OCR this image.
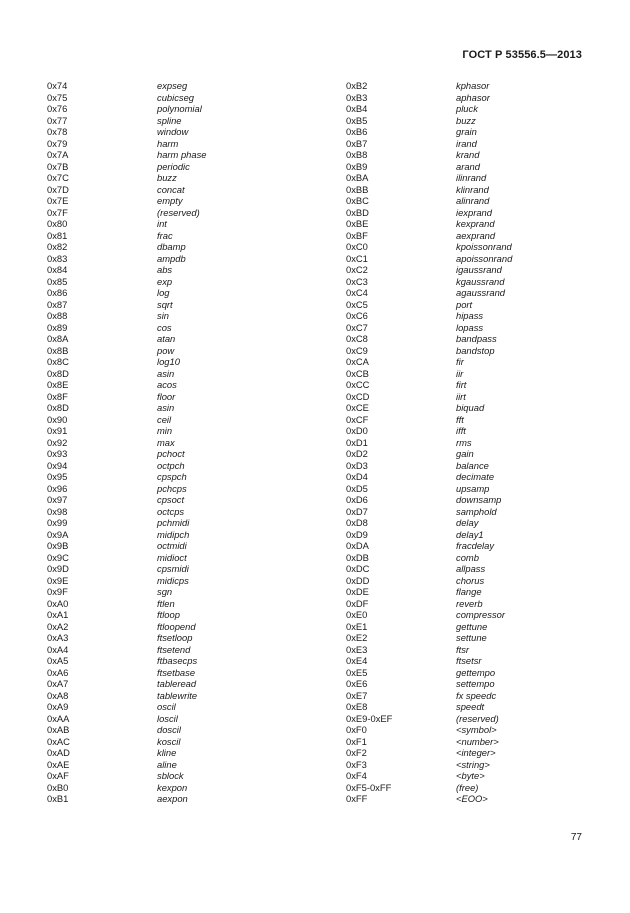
ГОСТ Р 53556.5—2013
0x74	expseg
0x75	cubicseg
0x76	polynomial
0x77	spline
0x78	window
0x79	harm
0x7A	harm phase
0x7B	periodic
0x7C	buzz
0x7D	concat
0x7E	empty
0x7F	(reserved)
0x80	int
0x81	frac
0x82	dbamp
0x83	ampdb
0x84	abs
0x85	exp
0x86	log
0x87	sqrt
0x88	sin
0x89	cos
0x8A	atan
0x8B	pow
0x8C	log10
0x8D	asin
0x8E	acos
0x8F	floor
0x8D	asin
0x90	ceil
0x91	min
0x92	max
0x93	pchoct
0x94	octpch
0x95	cpspch
0x96	pchcps
0x97	cpsoct
0x98	octcps
0x99	pchmidi
0x9A	midipch
0x9B	octmidi
0x9C	midioct
0x9D	cpsmidi
0x9E	midicps
0x9F	sgn
0xA0	ftlen
0xA1	ftloop
0xA2	ftloopend
0xA3	ftsetloop
0xA4	ftsetend
0xA5	ftbasecps
0xA6	ftsetbase
0xA7	tableread
0xA8	tablewrite
0xA9	oscil
0xAA	loscil
0xAB	doscil
0xAC	koscil
0xAD	kline
0xAE	aline
0xAF	sblock
0xB0	kexpon
0xB1	aexpon
0xB2	kphasor
0xB3	aphasor
0xB4	pluck
0xB5	buzz
0xB6	grain
0xB7	irand
0xB8	krand
0xB9	arand
0xBA	ilinrand
0xBB	klinrand
0xBC	alinrand
0xBD	iexprand
0xBE	kexprand
0xBF	aexprand
0xC0	kpoissonrand
0xC1	apoissonrand
0xC2	igaussrand
0xC3	kgaussrand
0xC4	agaussrand
0xC5	port
0xC6	hipass
0xC7	lopass
0xC8	bandpass
0xC9	bandstop
0xCA	fir
0xCB	iir
0xCC	firt
0xCD	iirt
0xCE	biquad
0xCF	fft
0xD0	ifft
0xD1	rms
0xD2	gain
0xD3	balance
0xD4	decimate
0xD5	upsamp
0xD6	downsamp
0xD7	samphold
0xD8	delay
0xD9	delay1
0xDA	fracdelay
0xDB	comb
0xDC	allpass
0xDD	chorus
0xDE	flange
0xDF	reverb
0xE0	compressor
0xE1	gettune
0xE2	settune
0xE3	ftsr
0xE4	ftsetsr
0xE5	gettempo
0xE6	settempo
0xE7	fx speedc
0xE8	speedt
0xE9-0xEF	(reserved)
0xF0	<symbol>
0xF1	<number>
0xF2	<integer>
0xF3	<string>
0xF4	<byte>
0xF5-0xFF	(free)
0xFF	<EOO>
77
